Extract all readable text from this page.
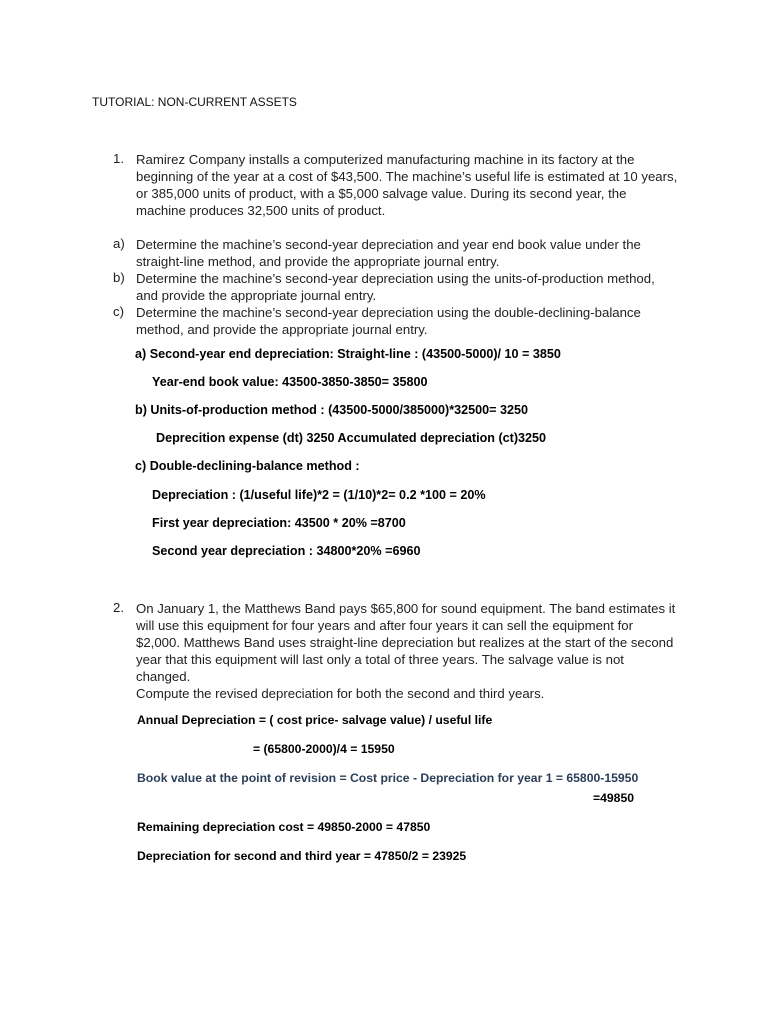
TUTORIAL: NON-CURRENT ASSETS
1. Ramirez Company installs a computerized manufacturing machine in its factory at the
beginning of the year at a cost of $43,500. The machine’s useful life is estimated at 10 years,
or 385,000 units of product, with a $5,000 salvage value. During its second year, the
machine produces 32,500 units of product.
a) Determine the machine’s second-year depreciation and year end book value under the
straight-line method, and provide the appropriate journal entry.
b) Determine the machine’s second-year depreciation using the units-of-production method,
and provide the appropriate journal entry.
c) Determine the machine’s second-year depreciation using the double-declining-balance
method, and provide the appropriate journal entry.
a) Second-year end depreciation: Straight-line : (43500-5000)/ 10 = 3850
Year-end book value: 43500-3850-3850= 35800
b) Units-of-production method : (43500-5000/385000)*32500= 3250
Deprecition expense (dt) 3250 Accumulated depreciation (ct)3250
c) Double-declining-balance method :
Depreciation : (1/useful life)*2 = (1/10)*2= 0.2 *100 = 20%
First year depreciation: 43500 * 20% =8700
Second year depreciation : 34800*20% =6960
2. On January 1, the Matthews Band pays $65,800 for sound equipment. The band estimates it
will use this equipment for four years and after four years it can sell the equipment for
$2,000. Matthews Band uses straight-line depreciation but realizes at the start of the second
year that this equipment will last only a total of three years. The salvage value is not
changed.
Compute the revised depreciation for both the second and third years.
Annual Depreciation = ( cost price- salvage value) / useful life
= (65800-2000)/4 = 15950
Book value at the point of revision = Cost price - Depreciation for year 1 = 65800-15950
=49850
Remaining depreciation cost = 49850-2000 = 47850
Depreciation for second and third year = 47850/2 = 23925
